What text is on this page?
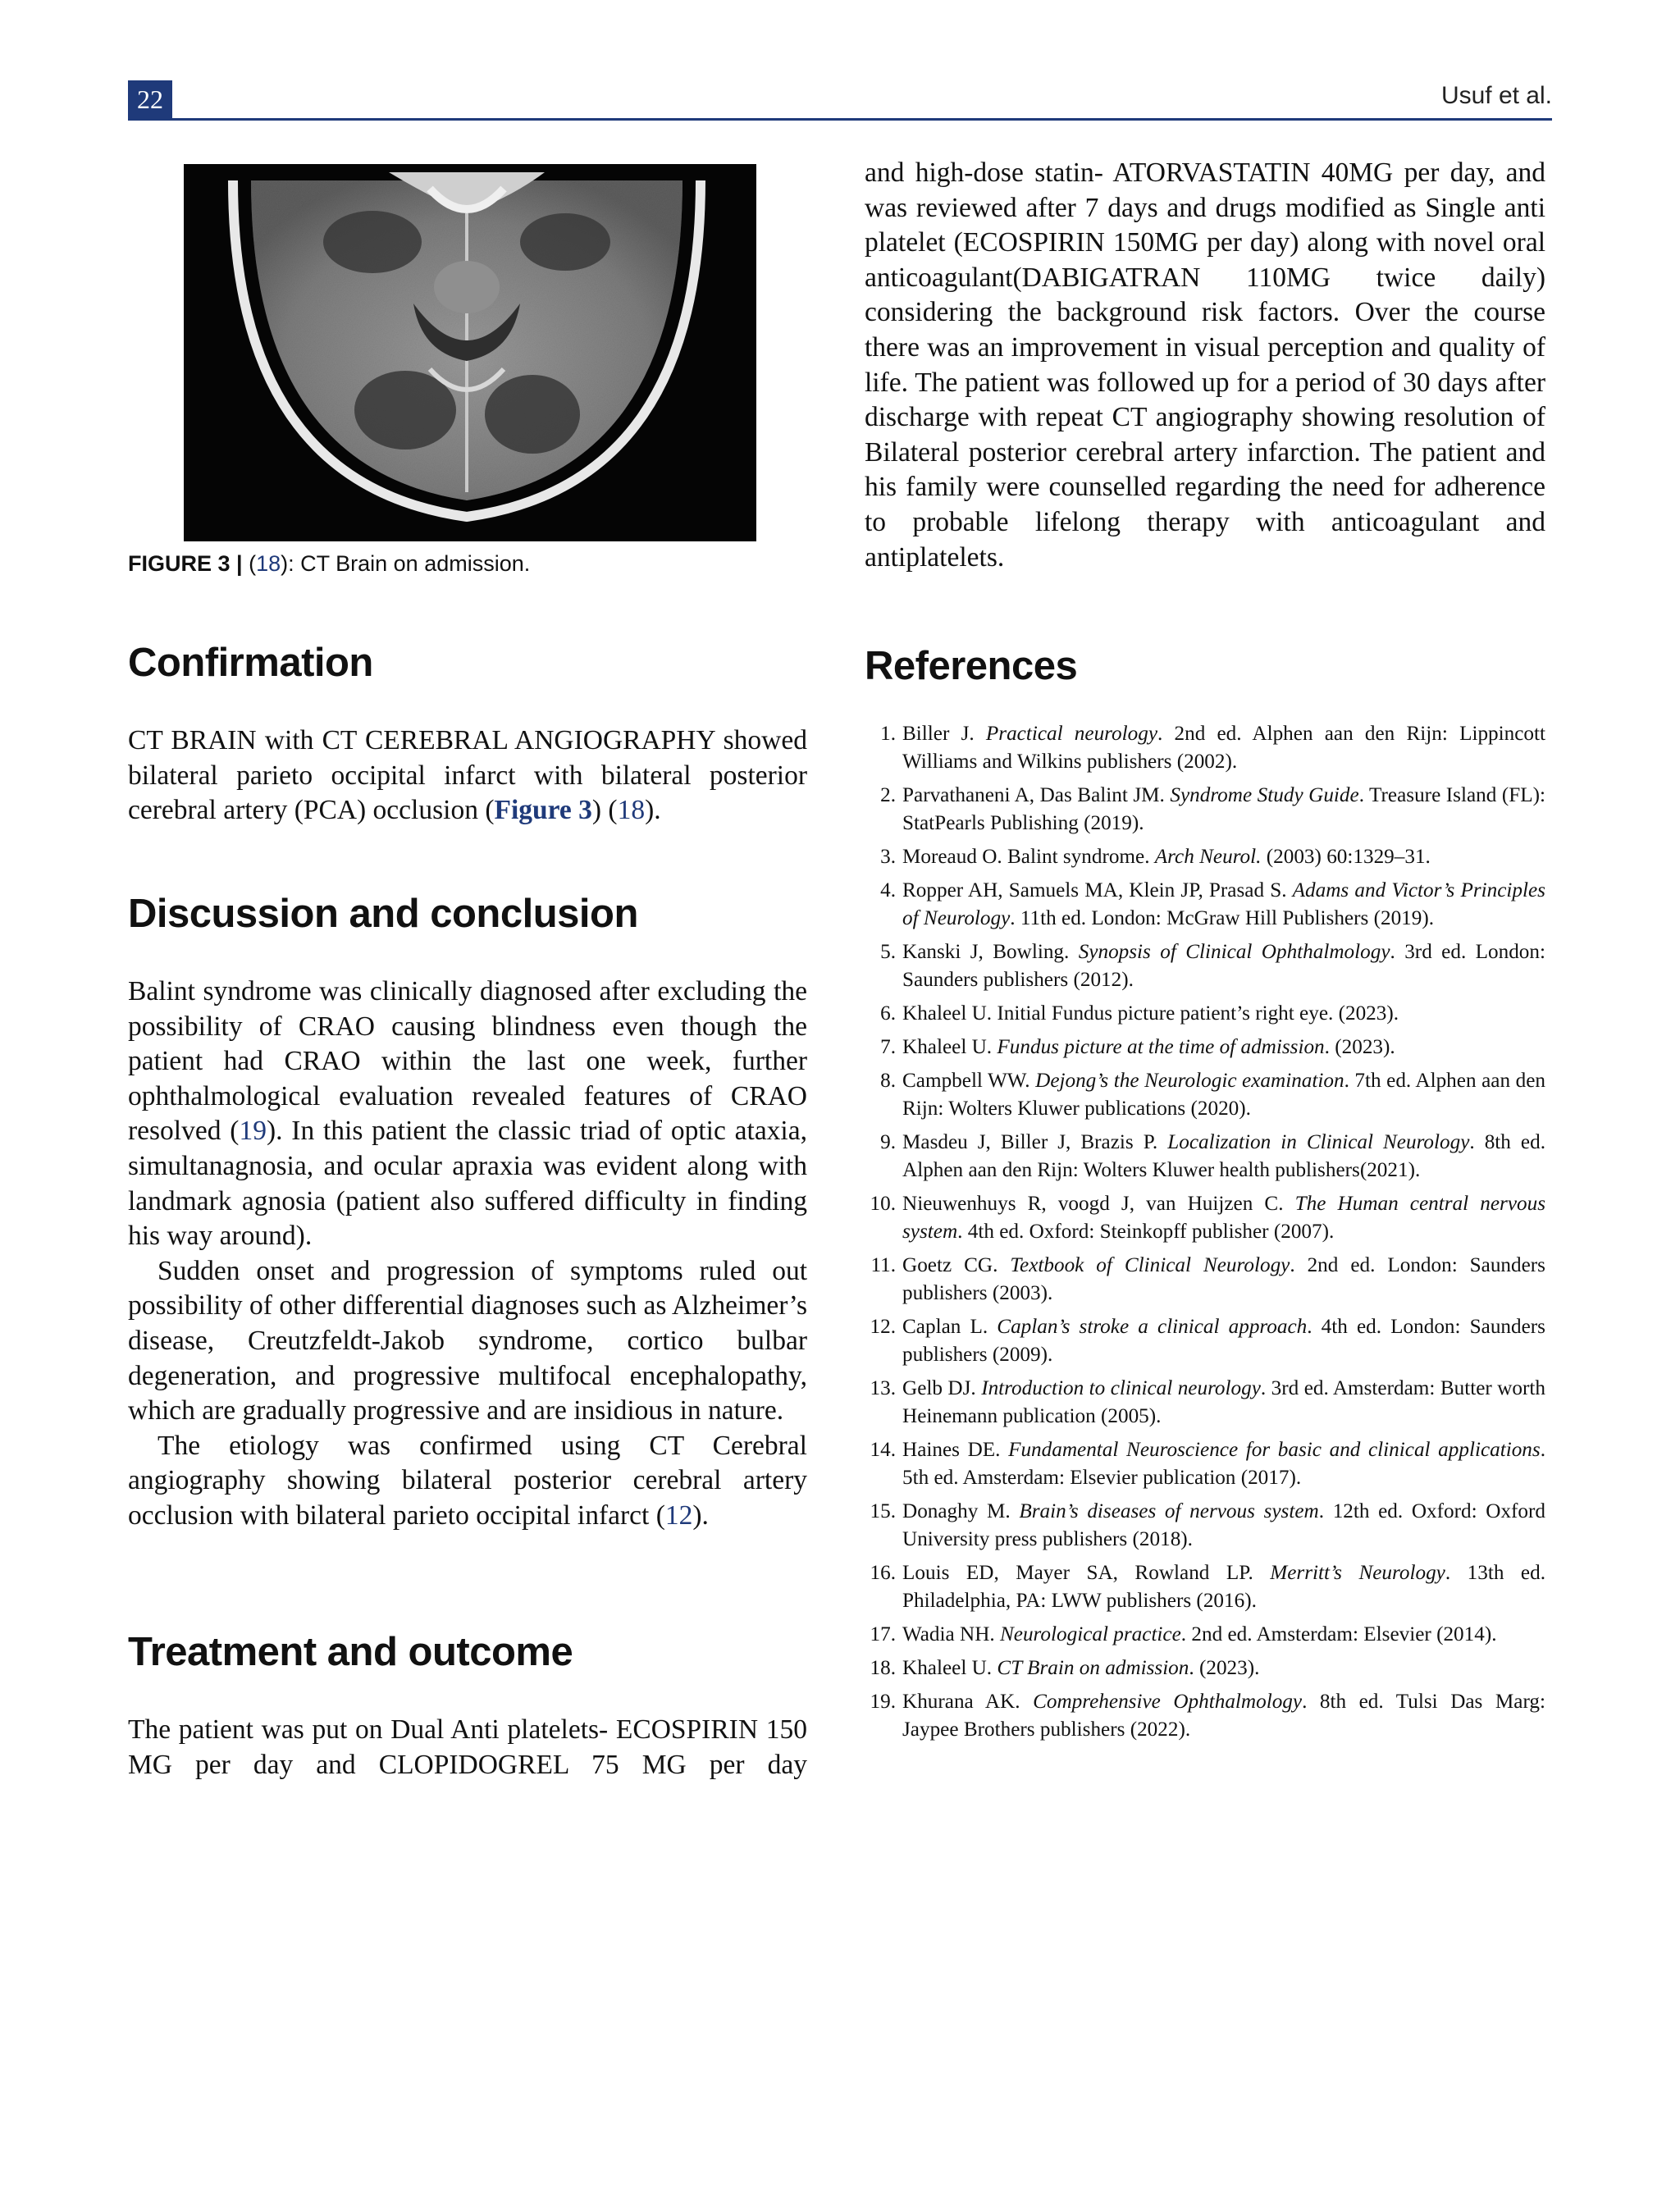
22	Usuf et al.
FIGURE 3 | (18): CT Brain on admission.
Confirmation

CT BRAIN with CT CEREBRAL ANGIOGRAPHY showed bilateral parieto occipital infarct with bilateral posterior cerebral artery (PCA) occlusion (Figure 3) (18).

Discussion and conclusion

Balint syndrome was clinically diagnosed after excluding the possibility of CRAO causing blindness even though the patient had CRAO within the last one week, further ophthalmological evaluation revealed features of CRAO resolved (19). In this patient the classic triad of optic ataxia, simultanagnosia, and ocular apraxia was evident along with landmark agnosia (patient also suffered difficulty in finding his way around).

Sudden onset and progression of symptoms ruled out possibility of other differential diagnoses such as Alzheimer’s disease, Creutzfeldt-Jakob syndrome, cortico bulbar degeneration, and progressive multifocal encephalopathy, which are gradually progressive and are insidious in nature.

The etiology was confirmed using CT Cerebral angiography showing bilateral posterior cerebral artery occlusion with bilateral parieto occipital infarct (12).

Treatment and outcome

The patient was put on Dual Anti platelets- ECOSPIRIN 150 MG per day and CLOPIDOGREL 75 MG per day

and high-dose statin- ATORVASTATIN 40MG per day, and was reviewed after 7 days and drugs modified as Single anti platelet (ECOSPIRIN 150MG per day) along with novel oral anticoagulant(DABIGATRAN 110MG twice daily) considering the background risk factors. Over the course there was an improvement in visual perception and quality of life. The patient was followed up for a period of 30 days after discharge with repeat CT angiography showing resolution of Bilateral posterior cerebral artery infarction. The patient and his family were counselled regarding the need for adherence to probable lifelong therapy with anticoagulant and antiplatelets.

References
1. Biller J. Practical neurology. 2nd ed. Alphen aan den Rijn: Lippincott Williams and Wilkins publishers (2002).
2. Parvathaneni A, Das Balint JM. Syndrome Study Guide. Treasure Island (FL): StatPearls Publishing (2019).
3. Moreaud O. Balint syndrome. Arch Neurol. (2003) 60:1329–31.
4. Ropper AH, Samuels MA, Klein JP, Prasad S. Adams and Victor’s Principles of Neurology. 11th ed. London: McGraw Hill Publishers (2019).
5. Kanski J, Bowling. Synopsis of Clinical Ophthalmology. 3rd ed. London: Saunders publishers (2012).
6. Khaleel U. Initial Fundus picture patient’s right eye. (2023).
7. Khaleel U. Fundus picture at the time of admission. (2023).
8. Campbell WW. Dejong’s the Neurologic examination. 7th ed. Alphen aan den Rijn: Wolters Kluwer publications (2020).
9. Masdeu J, Biller J, Brazis P. Localization in Clinical Neurology. 8th ed. Alphen aan den Rijn: Wolters Kluwer health publishers(2021).
10. Nieuwenhuys R, voogd J, van Huijzen C. The Human central nervous system. 4th ed. Oxford: Steinkopff publisher (2007).
11. Goetz CG. Textbook of Clinical Neurology. 2nd ed. London: Saunders publishers (2003).
12. Caplan L. Caplan’s stroke a clinical approach. 4th ed. London: Saunders publishers (2009).
13. Gelb DJ. Introduction to clinical neurology. 3rd ed. Amsterdam: Butter worth Heinemann publication (2005).
14. Haines DE. Fundamental Neuroscience for basic and clinical applications. 5th ed. Amsterdam: Elsevier publication (2017).
15. Donaghy M. Brain’s diseases of nervous system. 12th ed. Oxford: Oxford University press publishers (2018).
16. Louis ED, Mayer SA, Rowland LP. Merritt’s Neurology. 13th ed. Philadelphia, PA: LWW publishers (2016).
17. Wadia NH. Neurological practice. 2nd ed. Amsterdam: Elsevier (2014).
18. Khaleel U. CT Brain on admission. (2023).
19. Khurana AK. Comprehensive Ophthalmology. 8th ed. Tulsi Das Marg: Jaypee Brothers publishers (2022).
